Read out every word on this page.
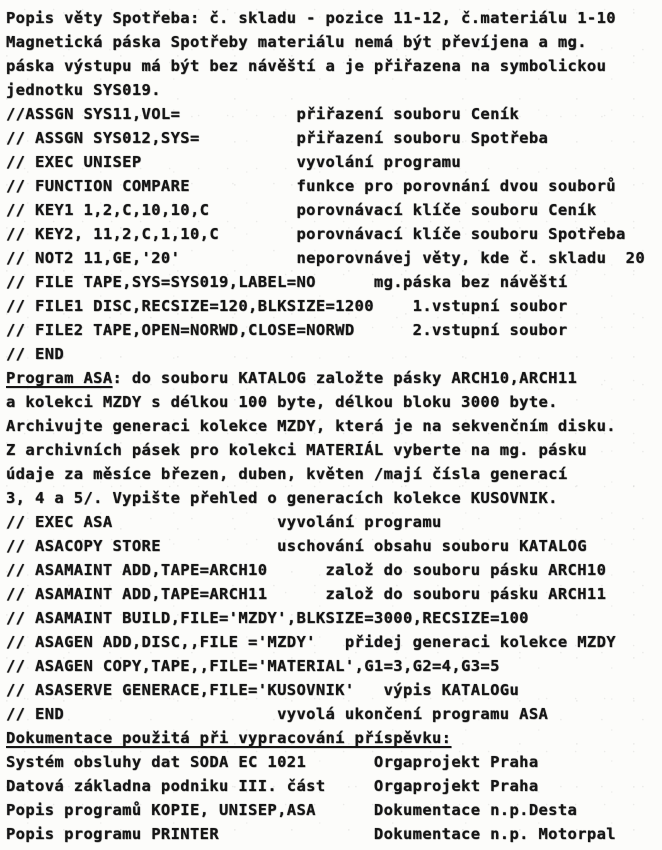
Popis věty Spotřeba: č. skladu - pozice 11-12, č.materiálu 1-10
Magnetická páska Spotřeby materiálu nemá být převíjena a mg.
páska výstupu má být bez návěští a je přiřazena na symbolickou
jednotku SYS019.
//ASSGN SYS11,VOL=            přiřazení souboru Ceník
// ASSGN SYS012,SYS=          přiřazení souboru Spotřeba
// EXEC UNISEP                vyvolání programu
// FUNCTION COMPARE           funkce pro porovnání dvou souborů
// KEY1 1,2,C,10,10,C         porovnávací klíče souboru Ceník
// KEY2, 11,2,C,1,10,C        porovnávací klíče souboru Spotřeba
// NOT2 11,GE,'20'            neporovnávej věty, kde č. skladu  20
// FILE TAPE,SYS=SYS019,LABEL=NO      mg.páska bez návěští
// FILE1 DISC,RECSIZE=120,BLKSIZE=1200    1.vstupní soubor
// FILE2 TAPE,OPEN=NORWD,CLOSE=NORWD      2.vstupní soubor
// END
Program ASA: do souboru KATALOG založte pásky ARCH10,ARCH11
a kolekci MZDY s délkou 100 byte, délkou bloku 3000 byte.
Archivujte generaci kolekce MZDY, která je na sekvenčním disku.
Z archivních pásek pro kolekci MATERIÁL vyberte na mg. pásku
údaje za měsíce březen, duben, květen /mají čísla generací
3, 4 a 5/. Vypište přehled o generacích kolekce KUSOVNIK.
// EXEC ASA                 vyvolání programu
// ASACOPY STORE            uschování obsahu souboru KATALOG
// ASAMAINT ADD,TAPE=ARCH10      založ do souboru pásku ARCH10
// ASAMAINT ADD,TAPE=ARCH11      založ do souboru pásku ARCH11
// ASAMAINT BUILD,FILE='MZDY',BLKSIZE=3000,RECSIZE=100
// ASAGEN ADD,DISC,,FILE ='MZDY'   přidej generaci kolekce MZDY
// ASAGEN COPY,TAPE,,FILE='MATERIAL',G1=3,G2=4,G3=5
// ASASERVE GENERACE,FILE='KUSOVNIK'   výpis KATALOGu
// END                      vyvolá ukončení programu ASA
Dokumentace použitá při vypracování příspěvku:
Systém obsluhy dat SODA EC 1021       Orgaprojekt Praha
Datová základna podniku III. část     Orgaprojekt Praha
Popis programů KOPIE, UNISEP,ASA      Dokumentace n.p.Desta
Popis programu PRINTER                Dokumentace n.p. Motorpal
